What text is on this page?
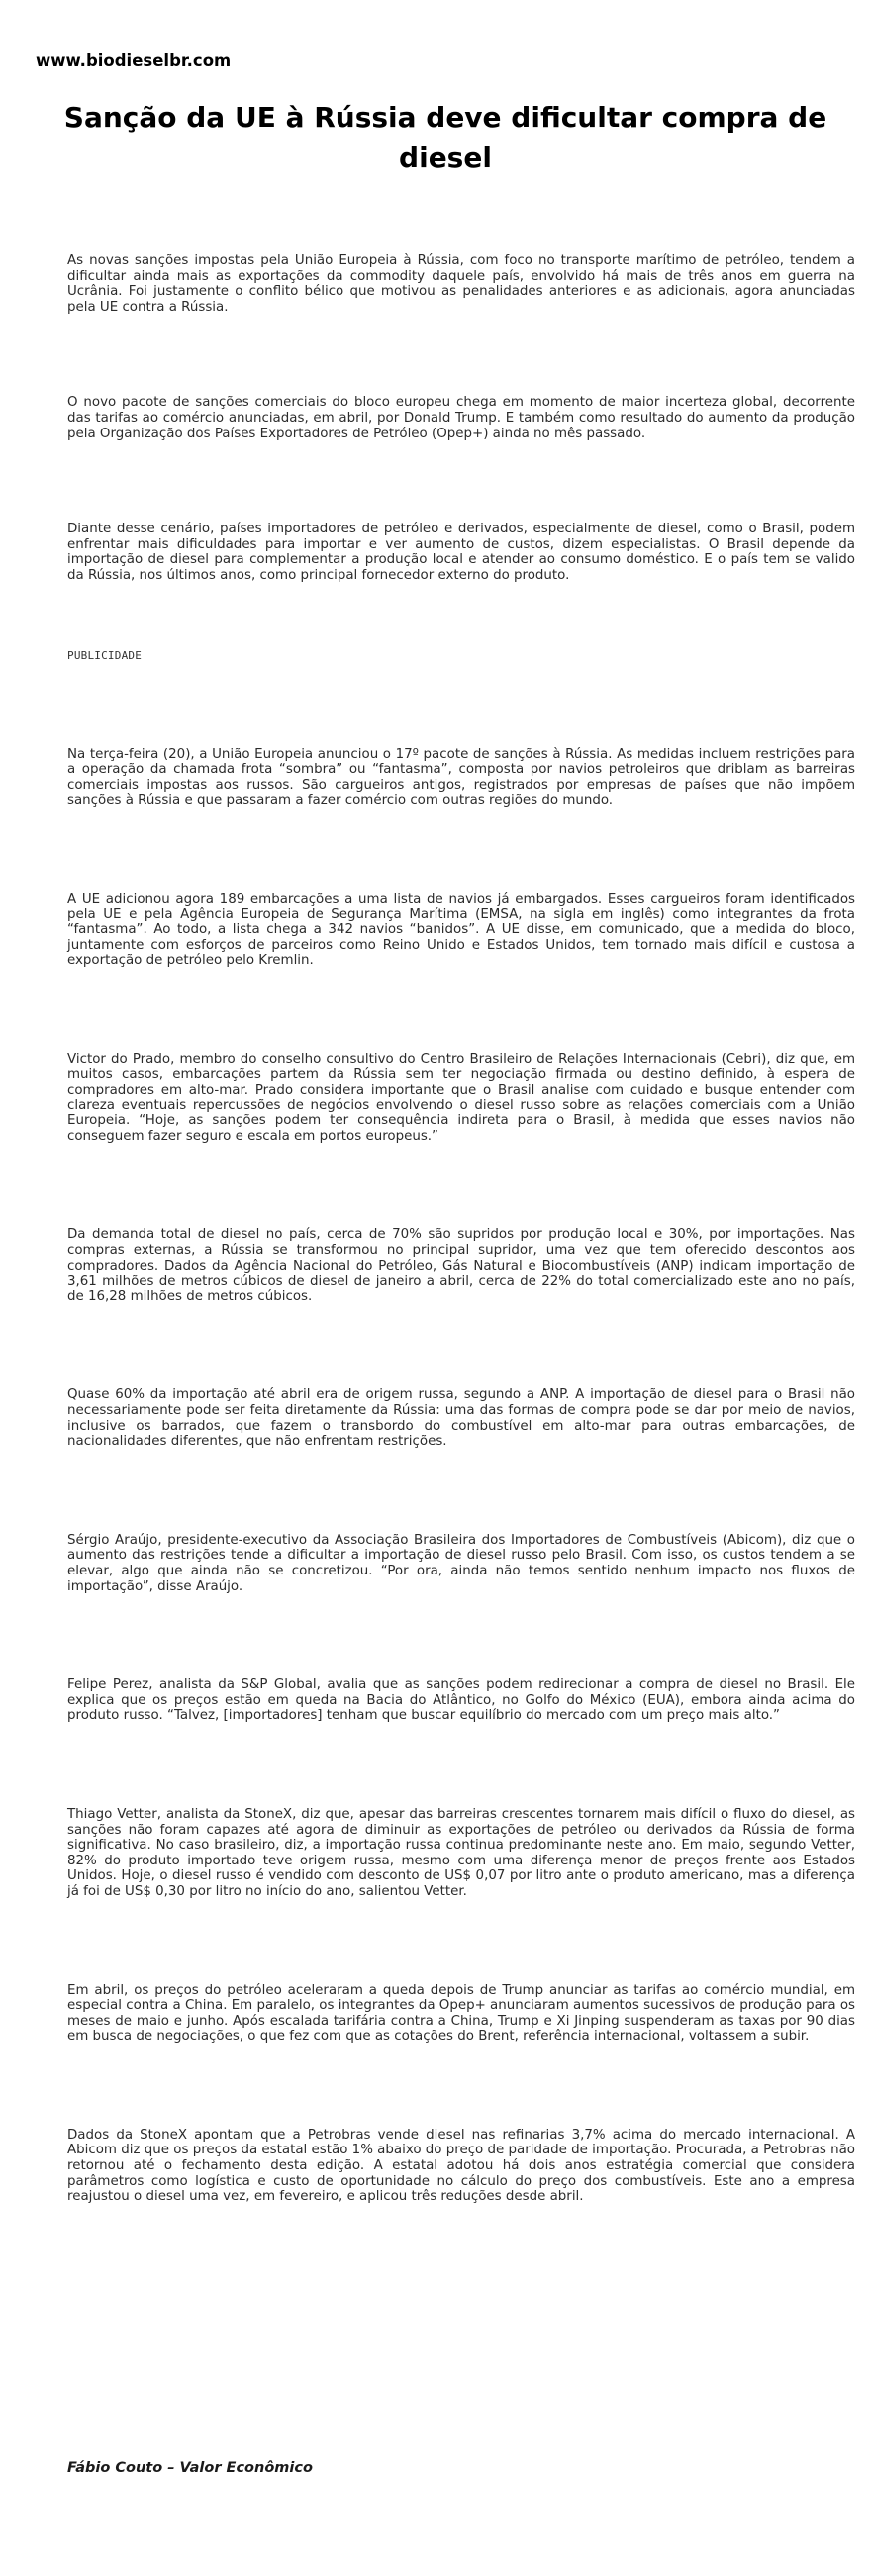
www.biodieselbr.com
Sanção da UE à Rússia deve dificultar compra de diesel

As novas sanções impostas pela União Europeia à Rússia, com foco no transporte marítimo de petróleo, tendem a dificultar ainda mais as exportações da commodity daquele país, envolvido há mais de três anos em guerra na Ucrânia. Foi justamente o conflito bélico que motivou as penalidades anteriores e as adicionais, agora anunciadas pela UE contra a Rússia.

O novo pacote de sanções comerciais do bloco europeu chega em momento de maior incerteza global, decorrente das tarifas ao comércio anunciadas, em abril, por Donald Trump. E também como resultado do aumento da produção pela Organização dos Países Exportadores de Petróleo (Opep+) ainda no mês passado.

Diante desse cenário, países importadores de petróleo e derivados, especialmente de diesel, como o Brasil, podem enfrentar mais dificuldades para importar e ver aumento de custos, dizem especialistas. O Brasil depende da importação de diesel para complementar a produção local e atender ao consumo doméstico. E o país tem se valido da Rússia, nos últimos anos, como principal fornecedor externo do produto.

PUBLICIDADE

Na terça-feira (20), a União Europeia anunciou o 17º pacote de sanções à Rússia. As medidas incluem restrições para a operação da chamada frota “sombra” ou “fantasma”, composta por navios petroleiros que driblam as barreiras comerciais impostas aos russos. São cargueiros antigos, registrados por empresas de países que não impõem sanções à Rússia e que passaram a fazer comércio com outras regiões do mundo.

A UE adicionou agora 189 embarcações a uma lista de navios já embargados. Esses cargueiros foram identificados pela UE e pela Agência Europeia de Segurança Marítima (EMSA, na sigla em inglês) como integrantes da frota “fantasma”. Ao todo, a lista chega a 342 navios “banidos”. A UE disse, em comunicado, que a medida do bloco, juntamente com esforços de parceiros como Reino Unido e Estados Unidos, tem tornado mais difícil e custosa a exportação de petróleo pelo Kremlin.

Victor do Prado, membro do conselho consultivo do Centro Brasileiro de Relações Internacionais (Cebri), diz que, em muitos casos, embarcações partem da Rússia sem ter negociação firmada ou destino definido, à espera de compradores em alto-mar. Prado considera importante que o Brasil analise com cuidado e busque entender com clareza eventuais repercussões de negócios envolvendo o diesel russo sobre as relações comerciais com a União Europeia. “Hoje, as sanções podem ter consequência indireta para o Brasil, à medida que esses navios não conseguem fazer seguro e escala em portos europeus.”

Da demanda total de diesel no país, cerca de 70% são supridos por produção local e 30%, por importações. Nas compras externas, a Rússia se transformou no principal supridor, uma vez que tem oferecido descontos aos compradores. Dados da Agência Nacional do Petróleo, Gás Natural e Biocombustíveis (ANP) indicam importação de 3,61 milhões de metros cúbicos de diesel de janeiro a abril, cerca de 22% do total comercializado este ano no país, de 16,28 milhões de metros cúbicos.

Quase 60% da importação até abril era de origem russa, segundo a ANP. A importação de diesel para o Brasil não necessariamente pode ser feita diretamente da Rússia: uma das formas de compra pode se dar por meio de navios, inclusive os barrados, que fazem o transbordo do combustível em alto-mar para outras embarcações, de nacionalidades diferentes, que não enfrentam restrições.

Sérgio Araújo, presidente-executivo da Associação Brasileira dos Importadores de Combustíveis (Abicom), diz que o aumento das restrições tende a dificultar a importação de diesel russo pelo Brasil. Com isso, os custos tendem a se elevar, algo que ainda não se concretizou. “Por ora, ainda não temos sentido nenhum impacto nos fluxos de importação”, disse Araújo.

Felipe Perez, analista da S&P Global, avalia que as sanções podem redirecionar a compra de diesel no Brasil. Ele explica que os preços estão em queda na Bacia do Atlântico, no Golfo do México (EUA), embora ainda acima do produto russo. “Talvez, [importadores] tenham que buscar equilíbrio do mercado com um preço mais alto.”

Thiago Vetter, analista da StoneX, diz que, apesar das barreiras crescentes tornarem mais difícil o fluxo do diesel, as sanções não foram capazes até agora de diminuir as exportações de petróleo ou derivados da Rússia de forma significativa. No caso brasileiro, diz, a importação russa continua predominante neste ano. Em maio, segundo Vetter, 82% do produto importado teve origem russa, mesmo com uma diferença menor de preços frente aos Estados Unidos. Hoje, o diesel russo é vendido com desconto de US$ 0,07 por litro ante o produto americano, mas a diferença já foi de US$ 0,30 por litro no início do ano, salientou Vetter.

Em abril, os preços do petróleo aceleraram a queda depois de Trump anunciar as tarifas ao comércio mundial, em especial contra a China. Em paralelo, os integrantes da Opep+ anunciaram aumentos sucessivos de produção para os meses de maio e junho. Após escalada tarifária contra a China, Trump e Xi Jinping suspenderam as taxas por 90 dias em busca de negociações, o que fez com que as cotações do Brent, referência internacional, voltassem a subir.

Dados da StoneX apontam que a Petrobras vende diesel nas refinarias 3,7% acima do mercado internacional. A Abicom diz que os preços da estatal estão 1% abaixo do preço de paridade de importação. Procurada, a Petrobras não retornou até o fechamento desta edição. A estatal adotou há dois anos estratégia comercial que considera parâmetros como logística e custo de oportunidade no cálculo do preço dos combustíveis. Este ano a empresa reajustou o diesel uma vez, em fevereiro, e aplicou três reduções desde abril.

Fábio Couto – Valor Econômico
